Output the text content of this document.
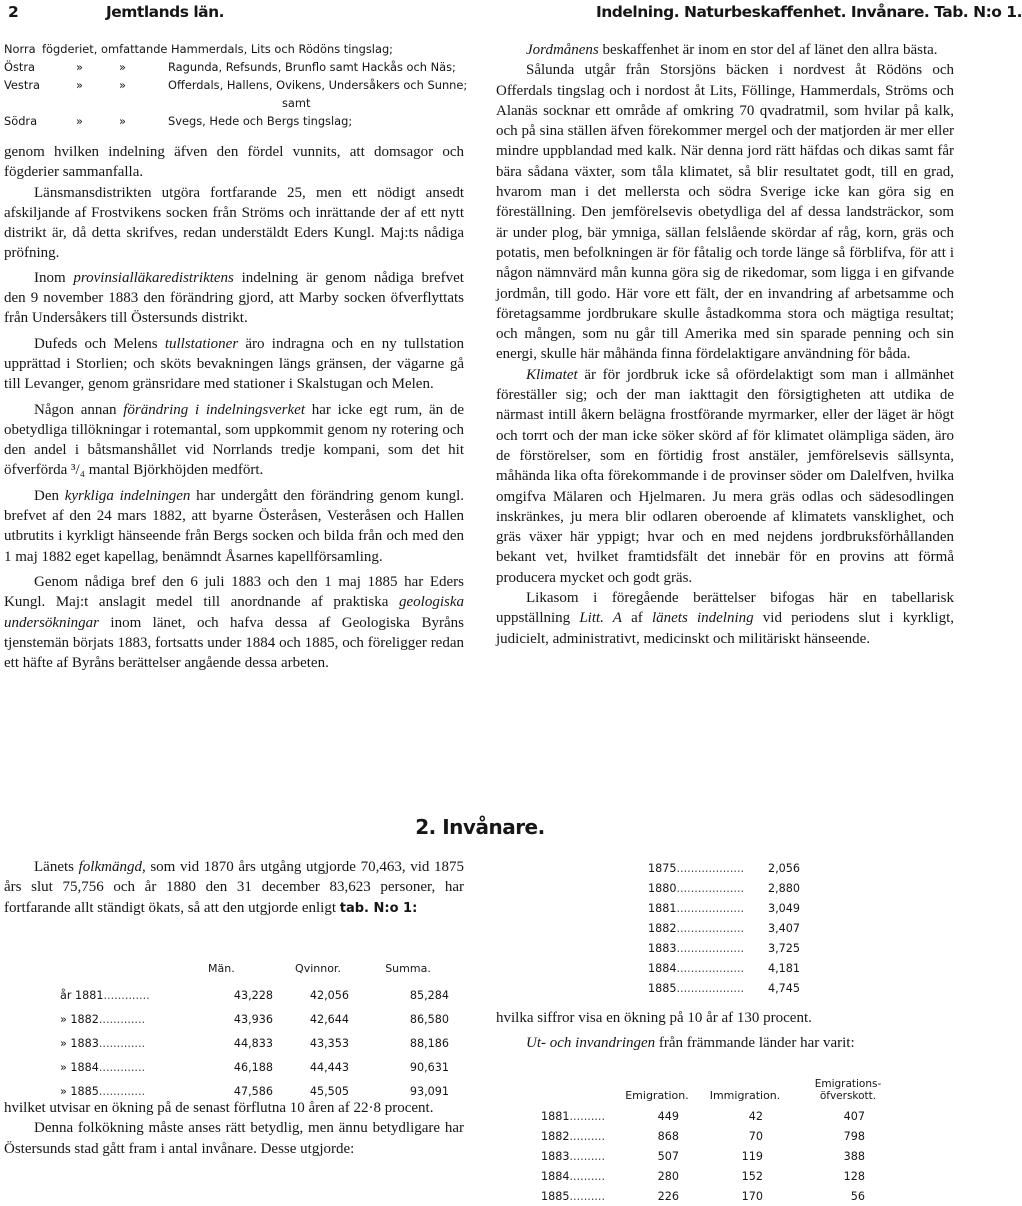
2	Jemtlands län.	Indelning. Naturbeskaffenhet. Invånare. Tab. N:o 1.
Norra fögderiet, omfattande Hammerdals, Lits och Rödöns tingslag;
Östra	»	»	Ragunda, Refsunds, Brunflo samt Hackås och Näs;
Vestra	»	»	Offerdals, Hallens, Ovikens, Undersåkers och Sunne;
samt
Södra	»	»	Svegs, Hede och Bergs tingslag;

genom hvilken indelning äfven den fördel vunnits, att domsagor och fögderier sammanfalla.

Länsmansdistrikten utgöra fortfarande 25, men ett nödigt ansedt afskiljande af Frostvikens socken från Ströms och inrättande der af ett nytt distrikt är, då detta skrifves, redan understäldt Eders Kungl. Maj:ts nådiga pröfning.

Inom provinsialläkaredistriktens indelning är genom nådiga brefvet den 9 november 1883 den förändring gjord, att Marby socken öfverflyttats från Undersåkers till Östersunds distrikt.

Dufeds och Melens tullstationer äro indragna och en ny tullstation upprättad i Storlien; och sköts bevakningen längs gränsen, der vägarne gå till Levanger, genom gränsridare med stationer i Skalstugan och Melen.

Någon annan förändring i indelningsverket har icke egt rum, än de obetydliga tillökningar i rotemantal, som uppkommit genom ny rotering och den andel i båtsmanshållet vid Norrlands tredje kompani, som det hit öfverförda ³/₄ mantal Björkhöjden medfört.

Den kyrkliga indelningen har undergått den förändring genom kungl. brefvet af den 24 mars 1882, att byarne Österåsen, Vesteråsen och Hallen utbrutits i kyrkligt hänseende från Bergs socken och bilda från och med den 1 maj 1882 eget kapellag, benämndt Åsarnes kapellförsamling.

Genom nådiga bref den 6 juli 1883 och den 1 maj 1885 har Eders Kungl. Maj:t anslagit medel till anordnande af praktiska geologiska undersökningar inom länet, och hafva dessa af Geologiska Byråns tjenstemän börjats 1883, fortsatts under 1884 och 1885, och föreligger redan ett häfte af Byråns berättelser angående dessa arbeten.

Jordmånens beskaffenhet är inom en stor del af länet den allra bästa.

Sålunda utgår från Storsjöns bäcken i nordvest åt Rödöns och Offerdals tingslag och i nordost åt Lits, Föllinge, Hammerdals, Ströms och Alanäs socknar ett område af omkring 70 qvadratmil, som hvilar på kalk, och på sina ställen äfven förekommer mergel och der matjorden är mer eller mindre uppblandad med kalk. När denna jord rätt häfdas och dikas samt får bära sådana växter, som tåla klimatet, så blir resultatet godt, till en grad, hvarom man i det mellersta och södra Sverige icke kan göra sig en föreställning. Den jemförelsevis obetydliga del af dessa landsträckor, som är under plog, bär ymniga, sällan felslående skördar af råg, korn, gräs och potatis, men befolkningen är för fåtalig och torde länge så förblifva, för att i någon nämnvärd mån kunna göra sig de rikedomar, som ligga i en gifvande jordmån, till godo. Här vore ett fält, der en invandring af arbetsamme och företagsamme jordbrukare skulle åstadkomma stora och mägtiga resultat; och mången, som nu går till Amerika med sin sparade penning och sin energi, skulle här måhända finna fördelaktigare användning för båda.

Klimatet är för jordbruk icke så ofördelaktigt som man i allmänhet föreställer sig; och der man iakttagit den försigtigheten att utdika de närmast intill åkern belägna frostförande myrmarker, eller der läget är högt och torrt och der man icke söker skörd af för klimatet olämpliga säden, äro de förstörelser, som en förtidig frost anstäler, jemförelsevis sällsynta, måhända lika ofta förekommande i de provinser söder om Dalelfven, hvilka omgifva Mälaren och Hjelmaren. Ju mera gräs odlas och sädesodlingen inskränkes, ju mera blir odlaren oberoende af klimatets vansklighet, och gräs växer här yppigt; hvar och en med nejdens jordbruksförhållanden bekant vet, hvilket framtidsfält det innebär för en provins att förmå producera mycket och godt gräs.

Likasom i föregående berättelser bifogas här en tabellarisk uppställning Litt. A af länets indelning vid periodens slut i kyrkligt, judicielt, administrativt, medicinskt och militäriskt hänseende.

2. Invånare.

Länets folkmängd, som vid 1870 års utgång utgjorde 70,463, vid 1875 års slut 75,756 och år 1880 den 31 december 83,623 personer, har fortfarande allt ständigt ökats, så att den utgjorde enligt tab. N:o 1:

	Män.	Qvinnor.	Summa.

år 1881.............	43,228	42,056	85,284
» 1882.............	43,936	42,644	86,580
» 1883.............	44,833	43,353	88,186
» 1884.............	46,188	44,443	90,631
» 1885.............	47,586	45,505	93,091

hvilket utvisar en ökning på de senast förflutna 10 åren af 22·8 procent.

Denna folkökning måste anses rätt betydlig, men ännu betydligare har Östersunds stad gått fram i antal invånare. Desse utgjorde:

1875...................	2,056
1880...................	2,880
1881...................	3,049
1882...................	3,407
1883...................	3,725
1884...................	4,181
1885...................	4,745

hvilka siffror visa en ökning på 10 år af 130 procent.

Ut- och invandringen från främmande länder har varit:

	Emigration.	Immigration.	Emigrations-öfverskott.

1881..........	449	42	407
1882..........	868	70	798
1883..........	507	119	388
1884..........	280	152	128
1885..........	226	170	56
